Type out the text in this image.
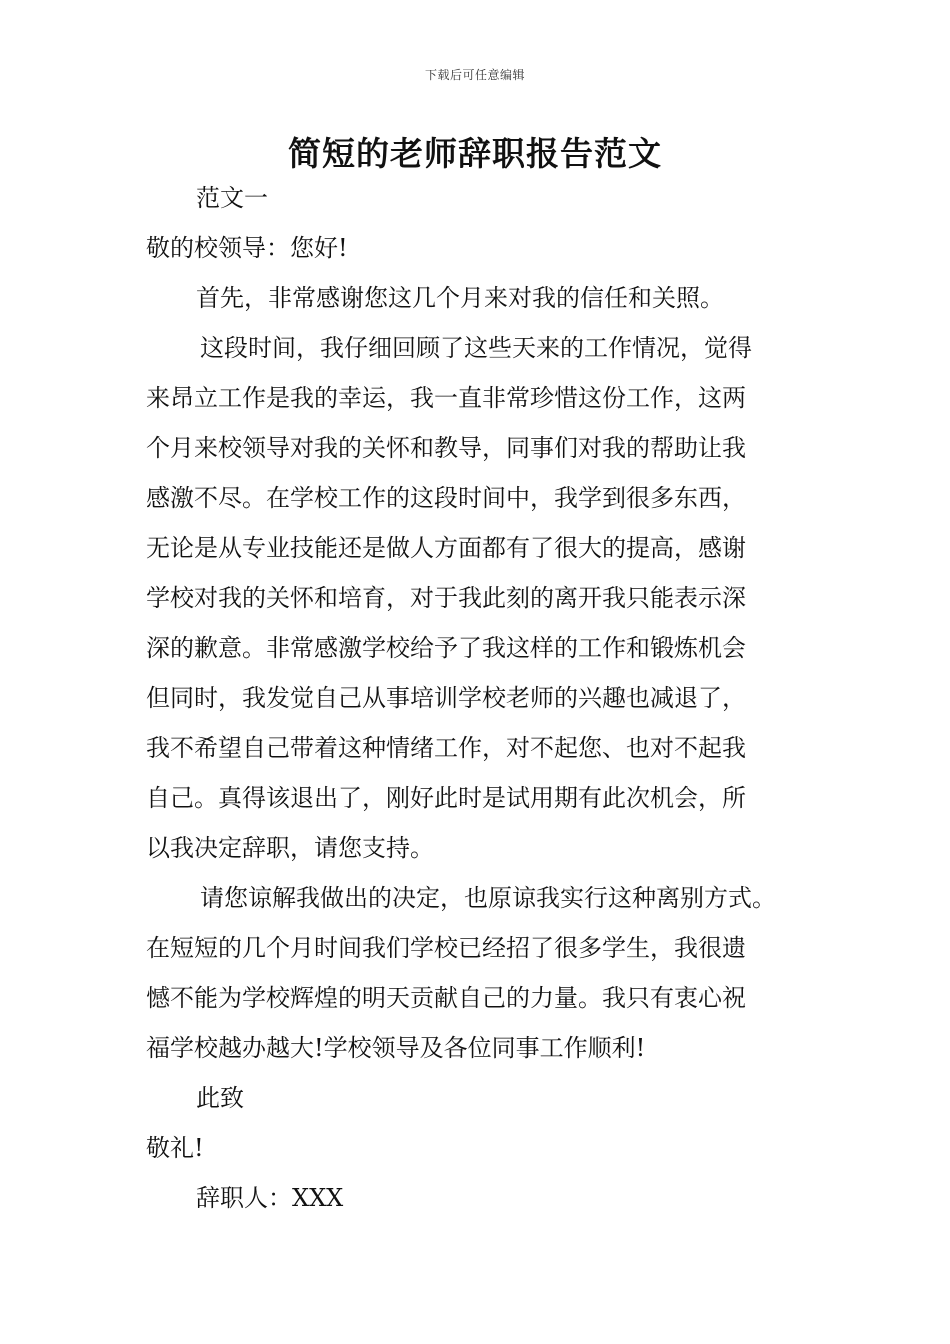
下载后可任意编辑
简短的老师辞职报告范文

范文一

敬的校领导：您好!

首先，非常感谢您这几个月来对我的信任和关照。

这段时间，我仔细回顾了这些天来的工作情况，觉得

来昂立工作是我的幸运，我一直非常珍惜这份工作，这两

个月来校领导对我的关怀和教导，同事们对我的帮助让我

感激不尽。在学校工作的这段时间中，我学到很多东西，

无论是从专业技能还是做人方面都有了很大的提高，感谢

学校对我的关怀和培育，对于我此刻的离开我只能表示深

深的歉意。非常感激学校给予了我这样的工作和锻炼机会

但同时，我发觉自己从事培训学校老师的兴趣也减退了，

我不希望自己带着这种情绪工作，对不起您、也对不起我

自己。真得该退出了，刚好此时是试用期有此次机会，所

以我决定辞职，请您支持。

请您谅解我做出的决定，也原谅我实行这种离别方式。

在短短的几个月时间我们学校已经招了很多学生，我很遗

憾不能为学校辉煌的明天贡献自己的力量。我只有衷心祝

福学校越办越大!学校领导及各位同事工作顺利!

此致

敬礼!

辞职人：XXX
